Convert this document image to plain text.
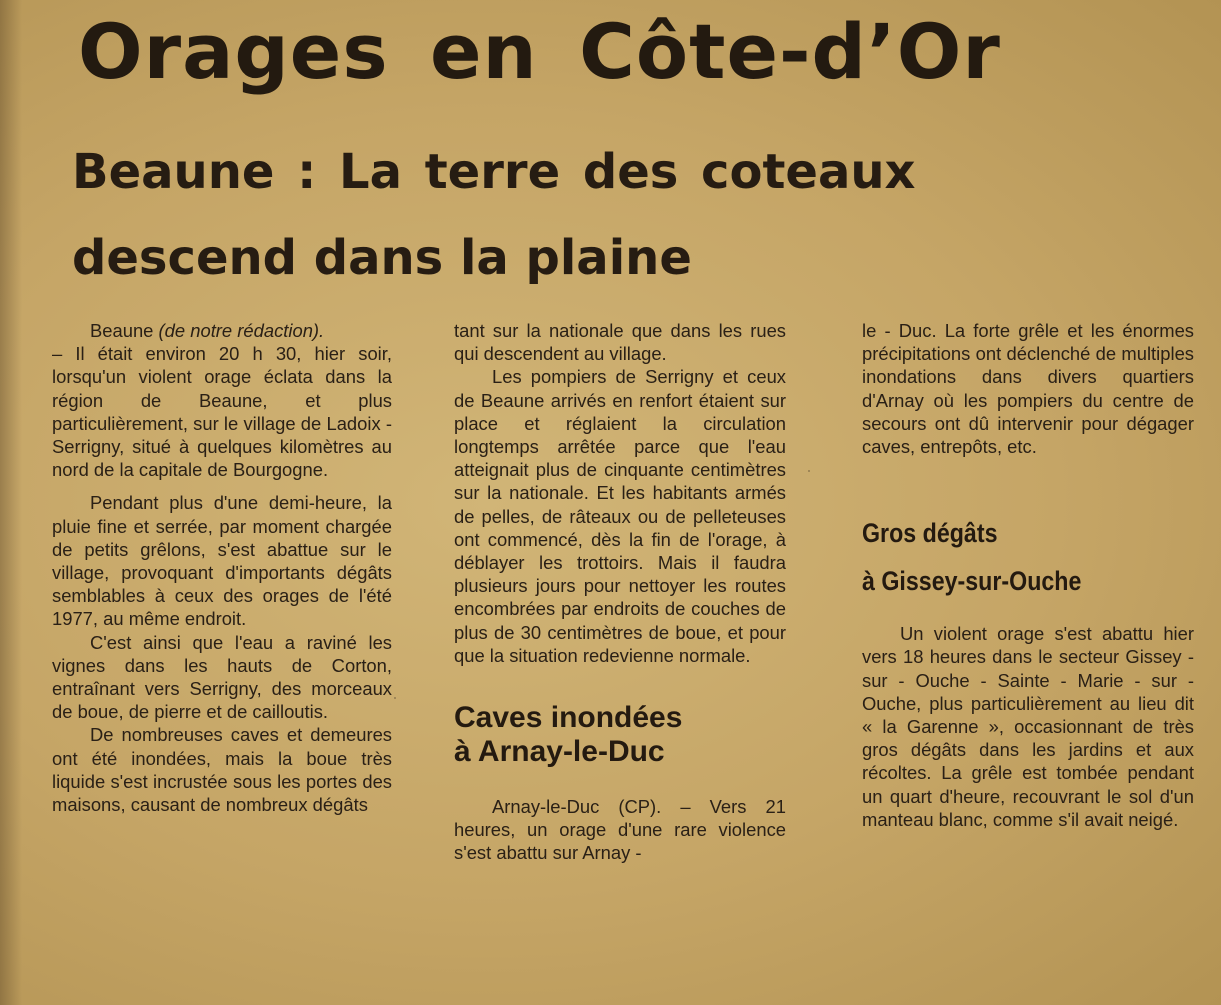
Orages en Côte-d’Or
Beaune : La terre des coteaux
descend dans la plaine

Beaune (de notre rédaction).

– Il était environ 20 h 30, hier soir, lorsqu'un violent orage éclata dans la région de Beaune, et plus particulièrement, sur le village de Ladoix - Serrigny, situé à quelques kilomètres au nord de la capitale de Bourgogne.

Pendant plus d'une demi-heure, la pluie fine et serrée, par moment chargée de petits grêlons, s'est abattue sur le village, provoquant d'importants dégâts semblables à ceux des orages de l'été 1977, au même endroit.

C'est ainsi que l'eau a raviné les vignes dans les hauts de Corton, entraînant vers Serrigny, des morceaux de boue, de pierre et de cailloutis.

De nombreuses caves et demeures ont été inondées, mais la boue très liquide s'est incrustée sous les portes des maisons, causant de nombreux dégâts

tant sur la nationale que dans les rues qui descendent au village.

Les pompiers de Serrigny et ceux de Beaune arrivés en renfort étaient sur place et réglaient la circulation longtemps arrêtée parce que l'eau atteignait plus de cinquante centimètres sur la nationale. Et les habitants armés de pelles, de râteaux ou de pelleteuses ont commencé, dès la fin de l'orage, à déblayer les trottoirs. Mais il faudra plusieurs jours pour nettoyer les routes encombrées par endroits de couches de plus de 30 centimètres de boue, et pour que la situation redevienne normale.

Caves inondées

à Arnay-le-Duc

Arnay-le-Duc (CP). – Vers 21 heures, un orage d'une rare violence s'est abattu sur Arnay -

le - Duc. La forte grêle et les énormes précipitations ont déclenché de multiples inondations dans divers quartiers d'Arnay où les pompiers du centre de secours ont dû intervenir pour dégager caves, entrepôts, etc.

Gros dégâts

à Gissey-sur-Ouche

Un violent orage s'est abattu hier vers 18 heures dans le secteur Gissey - sur - Ouche - Sainte - Marie - sur - Ouche, plus particulièrement au lieu dit « la Garenne », occasionnant de très gros dégâts dans les jardins et aux récoltes. La grêle est tombée pendant un quart d'heure, recouvrant le sol d'un manteau blanc, comme s'il avait neigé.
